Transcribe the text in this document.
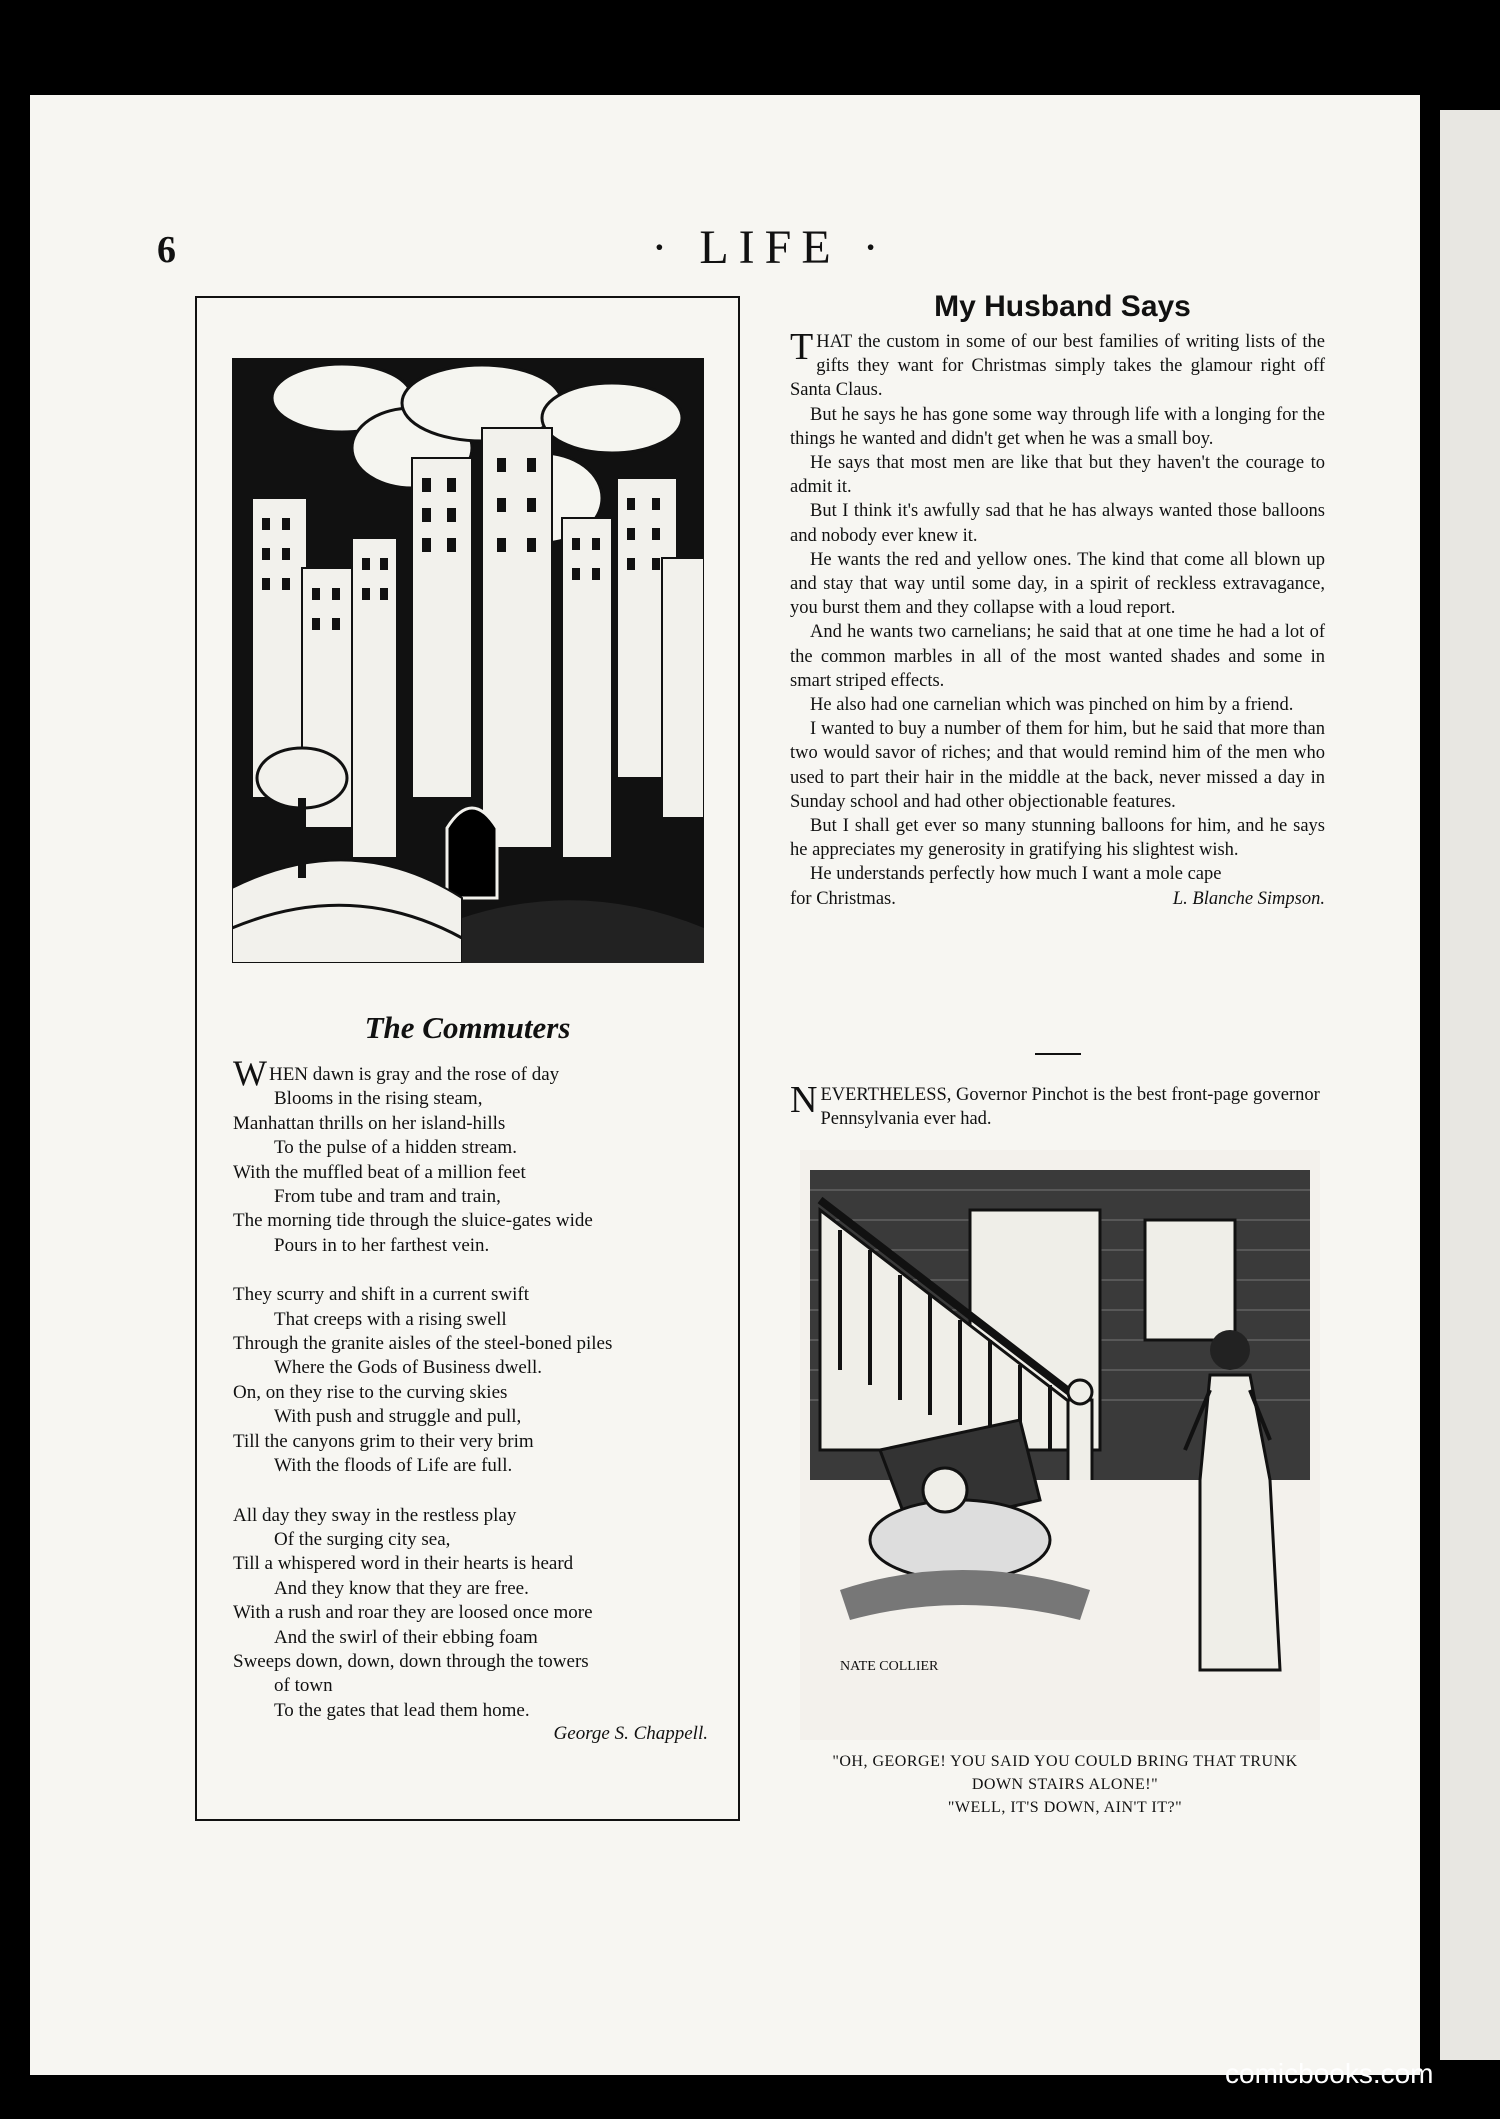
6	· LIFE ·
The Commuters
WHEN dawn is gray and the rose of day
Blooms in the rising steam,
Manhattan thrills on her island-hills
To the pulse of a hidden stream.
With the muffled beat of a million feet
From tube and tram and train,
The morning tide through the sluice-gates wide
Pours in to her farthest vein.
They scurry and shift in a current swift
That creeps with a rising swell
Through the granite aisles of the steel-boned piles
Where the Gods of Business dwell.
On, on they rise to the curving skies
With push and struggle and pull,
Till the canyons grim to their very brim
With the floods of Life are full.
All day they sway in the restless play
Of the surging city sea,
Till a whispered word in their hearts is heard
And they know that they are free.
With a rush and roar they are loosed once more
And the swirl of their ebbing foam
Sweeps down, down, down through the towers
of town
To the gates that lead them home.
George S. Chappell.
My Husband Says

THAT the custom in some of our best families of writing lists of the gifts they want for Christmas simply takes the glamour right off Santa Claus.

But he says he has gone some way through life with a longing for the things he wanted and didn't get when he was a small boy.

He says that most men are like that but they haven't the courage to admit it.

But I think it's awfully sad that he has always wanted those balloons and nobody ever knew it.

He wants the red and yellow ones. The kind that come all blown up and stay that way until some day, in a spirit of reckless extravagance, you burst them and they collapse with a loud report.

And he wants two carnelians; he said that at one time he had a lot of the common marbles in all of the most wanted shades and some in smart striped effects.

He also had one carnelian which was pinched on him by a friend.

I wanted to buy a number of them for him, but he said that more than two would savor of riches; and that would remind him of the men who used to part their hair in the middle at the back, never missed a day in Sunday school and had other objectionable features.

But I shall get ever so many stunning balloons for him, and he says he appreciates my generosity in gratifying his slightest wish.

He understands perfectly how much I want a mole cape

for Christmas.	L. Blanche Simpson.
NEVERTHELESS, Governor Pinchot is the best front-page governor Pennsylvania ever had.
NATE COLLIER
"OH, GEORGE! YOU SAID YOU COULD BRING THAT TRUNK
DOWN STAIRS ALONE!"
"WELL, IT'S DOWN, AIN'T IT?"
comicbooks.com
